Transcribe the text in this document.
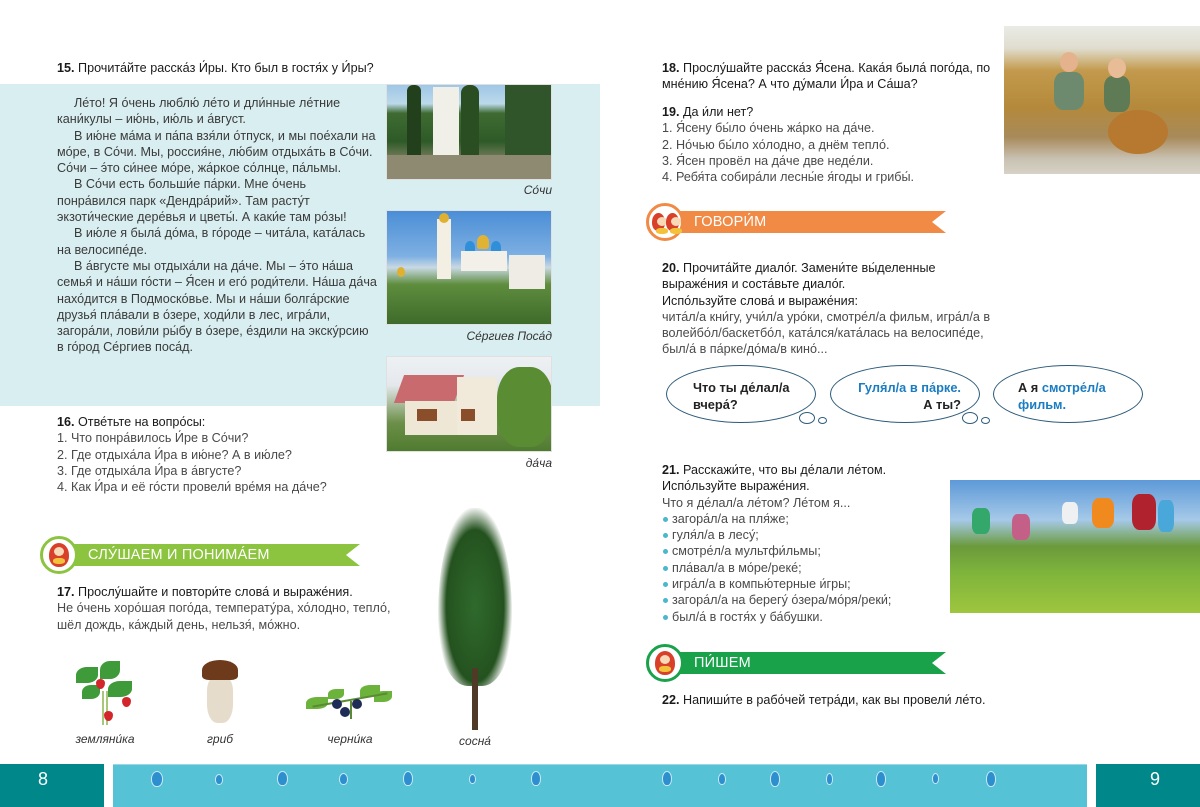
15. Прочита́йте расска́з И́ры. Кто был в гостя́х у И́ры?

Ле́то! Я о́чень люблю́ ле́то и дли́нные ле́тние кани́кулы – ию́нь, ию́ль и а́вгуст.

В ию́не ма́ма и па́па взя́ли о́тпуск, и мы пое́хали на мо́ре, в Со́чи. Мы, россия́не, лю́бим отдыха́ть в Со́чи. Со́чи – э́то си́нее мо́ре, жа́ркое со́лнце, па́льмы.

В Со́чи есть больши́е па́рки. Мне о́чень понра́вился парк «Дендра́рий». Там расту́т экзоти́ческие дере́вья и цветы́. А каки́е там ро́зы!

В ию́ле я была́ до́ма, в го́роде – чита́ла, ката́лась на велосипе́де.

В а́вгусте мы отдыха́ли на да́че. Мы – э́то на́ша семья́ и на́ши го́сти – Я́сен и его́ роди́тели. На́ша да́ча нахо́дится в Подмоско́вье. Мы и на́ши болга́рские друзья́ пла́вали в о́зере, ходи́ли в лес, игра́ли, загора́ли, лови́ли ры́бу в о́зере, е́здили на экску́рсию в го́род Се́ргиев поса́д.

Со́чи
Се́ргиев Поса́д
да́ча
16. Отве́тьте на вопро́сы:
1. Что понра́вилось И́ре в Со́чи?
2. Где отдыха́ла И́ра в ию́не? А в ию́ле?
3. Где отдыха́ла И́ра в а́вгусте?
4. Как И́ра и её го́сти провели́ вре́мя на да́че?
СЛУ́ШАЕМ И ПОНИМА́ЕМ
17. Прослу́шайте и повтори́те слова́ и выраже́ния.
Не о́чень хоро́шая пого́да, температу́ра, хо́лодно, тепло́, шёл дождь, ка́ждый день, нельзя́, мо́жно.
земляни́ка	гриб	черни́ка	сосна́
8
18. Прослу́шайте расска́з Я́сена. Кака́я была́ пого́да, по мне́нию Я́сена? А что ду́мали И́ра и Са́ша?
19. Да и́ли нет?
1. Я́сену бы́ло о́чень жа́рко на да́че.
2. Но́чью бы́ло хо́лодно, а днём тепло́.
3. Я́сен провёл на да́че две неде́ли.
4. Ребя́та собира́ли лесны́е я́годы и грибы́.
ГОВОРИ́М
20. Прочита́йте диало́г. Замени́те вы́деленные выраже́ния и соста́вьте диало́г.
Испо́льзуйте слова́ и выраже́ния:
чита́л/а кни́гу, учи́л/а уро́ки, смотре́л/а фильм, игра́л/а в волейбо́л/баскетбо́л, ката́лся/ката́лась на велосипе́де, был/а́ в па́рке/до́ма/в кино́...
Что ты де́лал/а вчера́?
Гуля́л/а в па́рке. А ты?
А я смотре́л/а фильм.
21. Расскажи́те, что вы де́лали ле́том.
Испо́льзуйте выраже́ния.
Что я де́лал/а ле́том? Ле́том я...
загора́л/а на пля́же;
гуля́л/а в лесу́;
смотре́л/а мультфи́льмы;
пла́вал/а в мо́ре/реке́;
игра́л/а в компью́терные и́гры;
загора́л/а на берегу́ о́зера/мо́ря/реки́;
был/а́ в гостя́х у ба́бушки.
ПИ́ШЕМ
22. Напиши́те в рабо́чей тетра́ди, как вы провели́ ле́то.
9
